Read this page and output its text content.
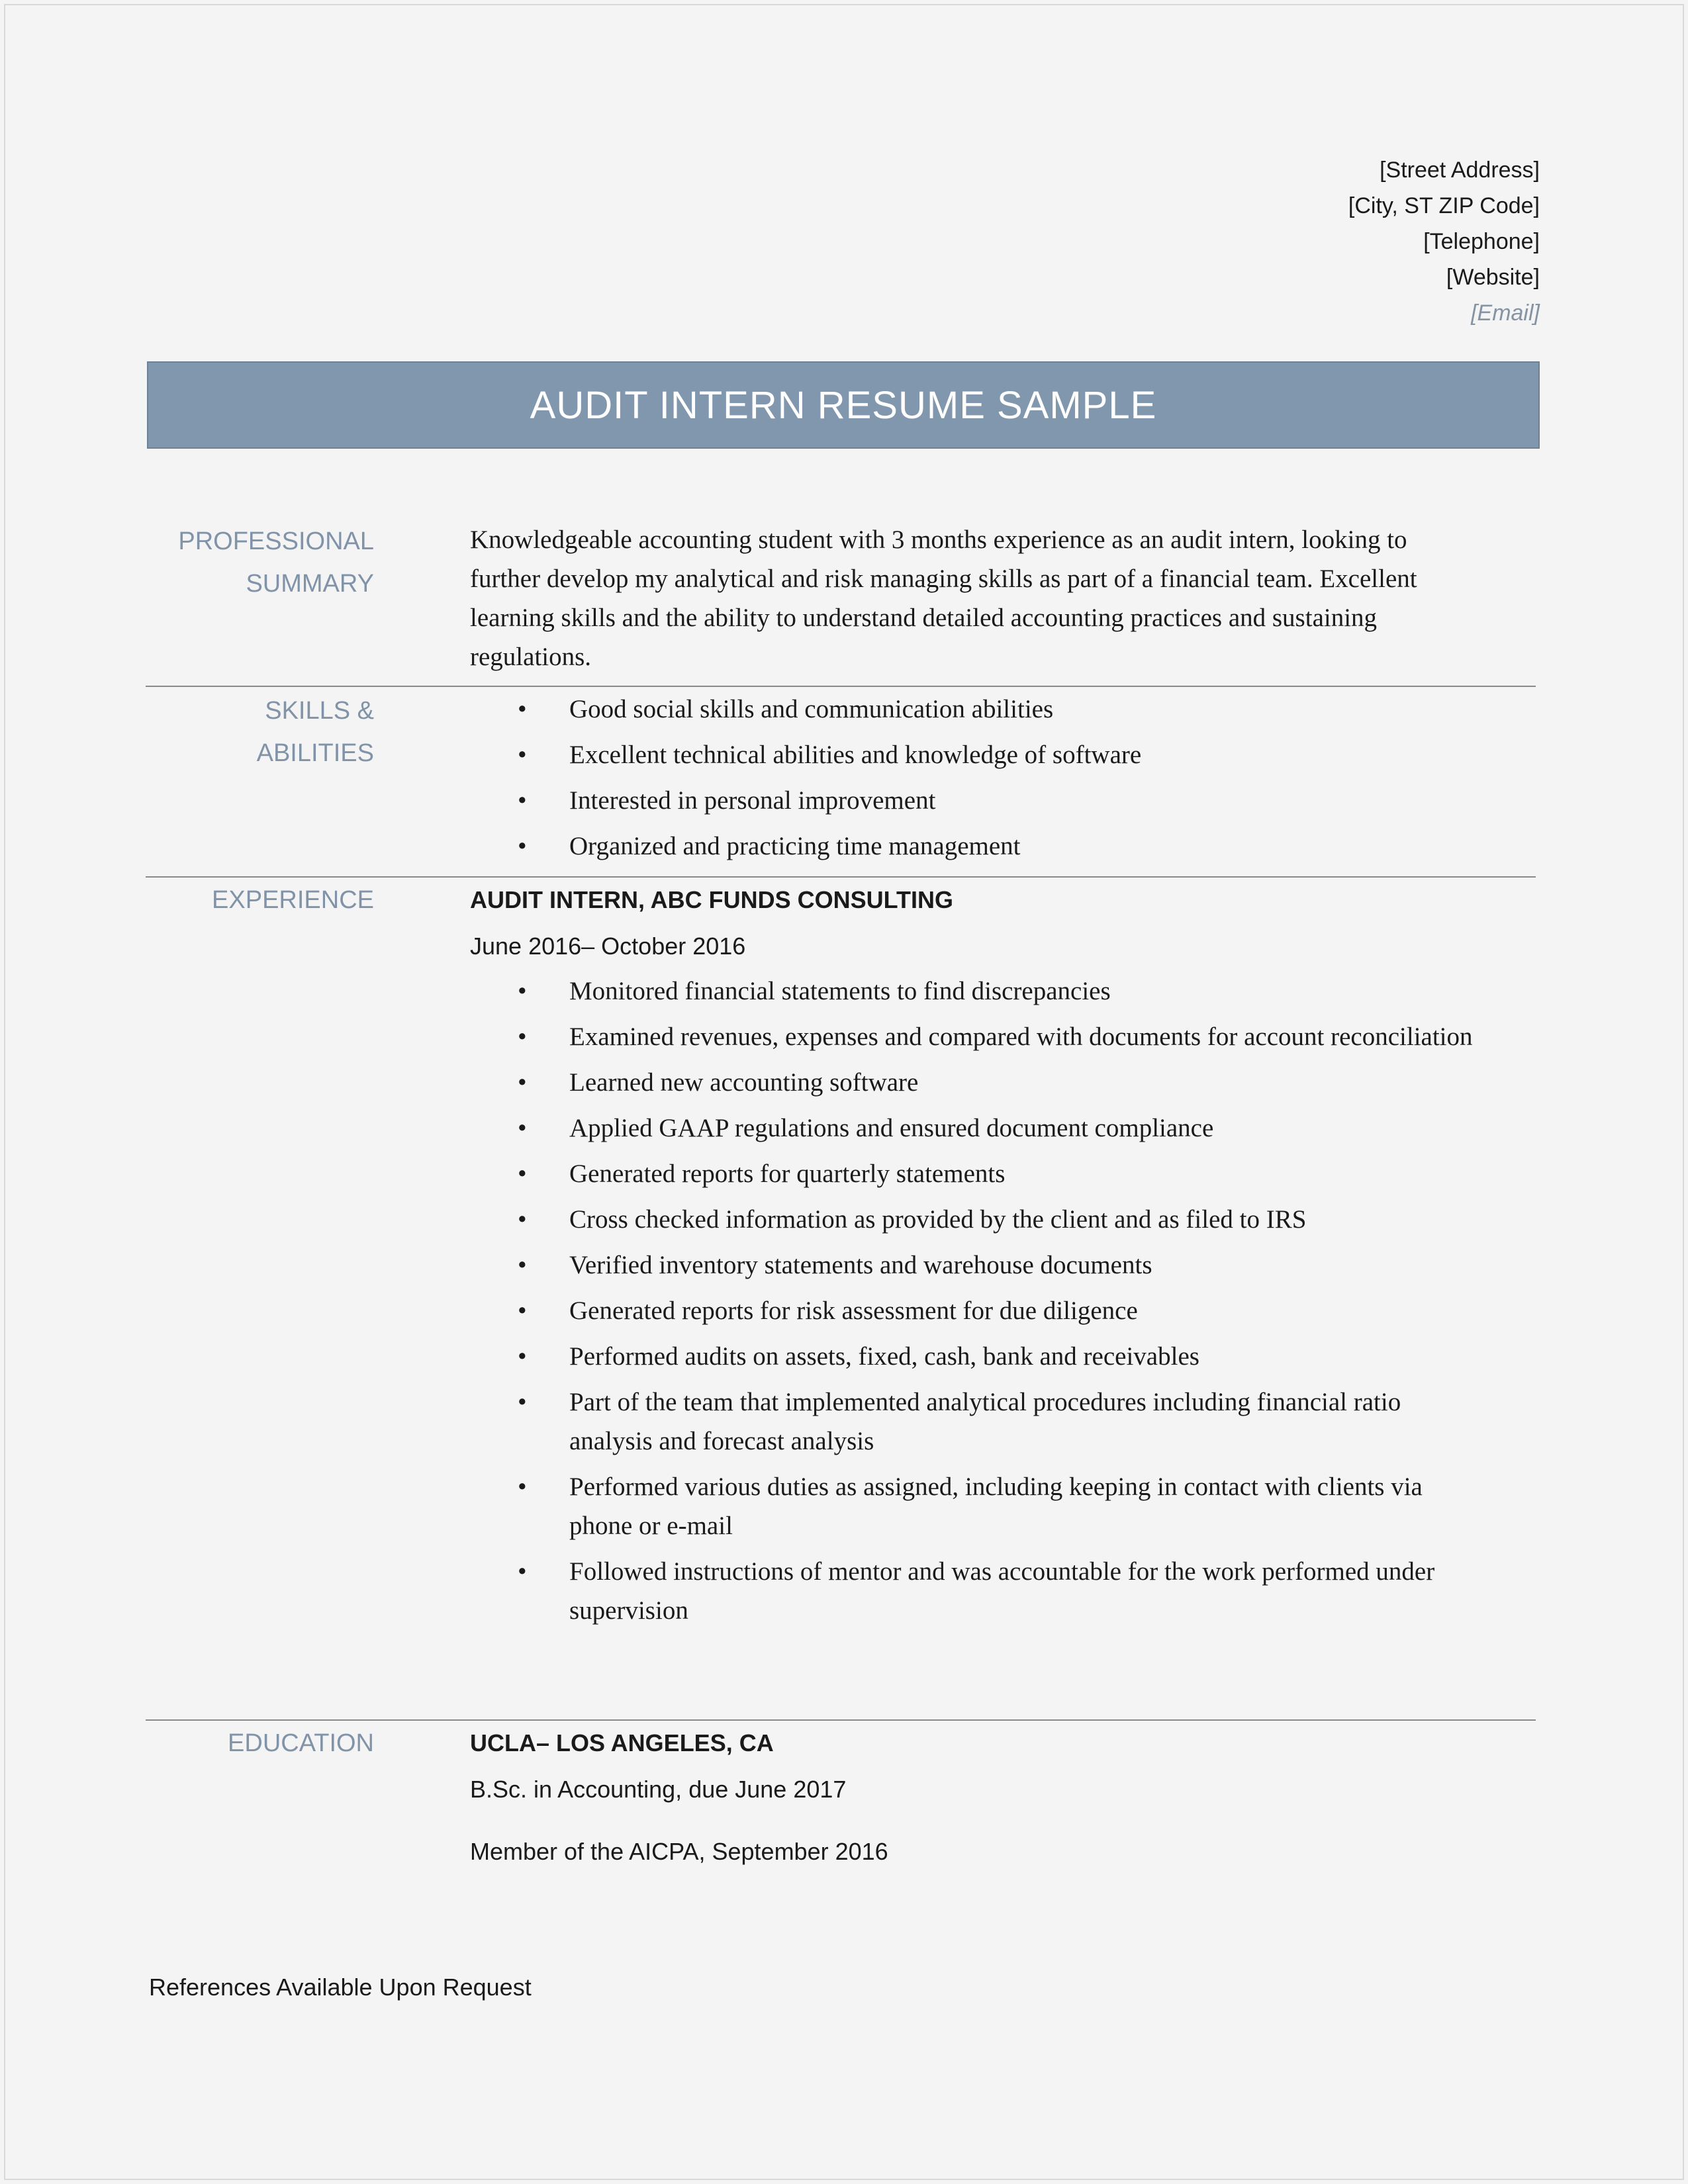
[Street Address]
[City, ST ZIP Code]
[Telephone]
[Website]
[Email]
AUDIT INTERN RESUME SAMPLE
PROFESSIONAL
SUMMARY
Knowledgeable accounting student with 3 months experience as an audit intern, looking to further develop my analytical and risk managing skills as part of a financial team. Excellent learning skills and the ability to understand detailed accounting practices and sustaining regulations.
SKILLS & ABILITIES
• Good social skills and communication abilities
• Excellent technical abilities and knowledge of software
• Interested in personal improvement
• Organized and practicing time management
EXPERIENCE	AUDIT INTERN, ABC FUNDS CONSULTING
June 2016– October 2016
• Monitored financial statements to find discrepancies
• Examined revenues, expenses and compared with documents for account reconciliation
• Learned new accounting software
• Applied GAAP regulations and ensured document compliance
• Generated reports for quarterly statements
• Cross checked information as provided by the client and as filed to IRS
• Verified inventory statements and warehouse documents
• Generated reports for risk assessment for due diligence
• Performed audits on assets, fixed, cash, bank and receivables
• Part of the team that implemented analytical procedures including financial ratio analysis and forecast analysis
• Performed various duties as assigned, including keeping in contact with clients via phone or e-mail
• Followed instructions of mentor and was accountable for the work performed under supervision
EDUCATION	UCLA– LOS ANGELES, CA
B.Sc. in Accounting, due June 2017
Member of the AICPA, September 2016
References Available Upon Request
